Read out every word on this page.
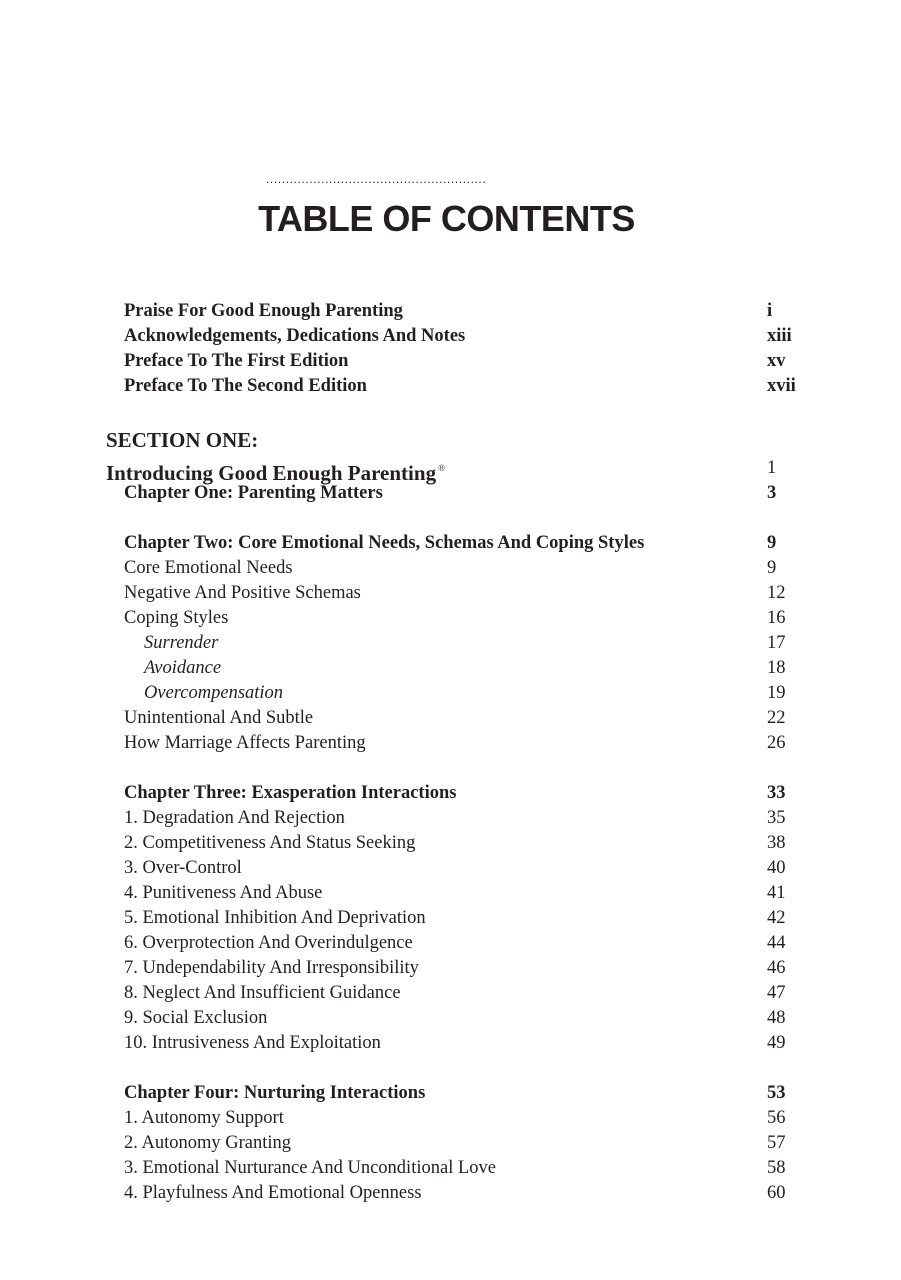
........................................................
TABLE OF CONTENTS
Praise For Good Enough Parenting	i
Acknowledgements, Dedications And Notes	xiii
Preface To The First Edition	xv
Preface To The Second Edition	xvii
SECTION ONE:
Introducing Good Enough Parenting ®	1
Chapter One: Parenting Matters	3
Chapter Two: Core Emotional Needs, Schemas And Coping Styles	9
Core Emotional Needs	9
Negative And Positive Schemas	12
Coping Styles	16
Surrender	17
Avoidance	18
Overcompensation	19
Unintentional And Subtle	22
How Marriage Affects Parenting	26
Chapter Three: Exasperation Interactions	33
1. Degradation And Rejection	35
2. Competitiveness And Status Seeking	38
3. Over-Control	40
4. Punitiveness And Abuse	41
5. Emotional Inhibition And Deprivation	42
6. Overprotection And Overindulgence	44
7. Undependability And Irresponsibility	46
8. Neglect And Insufficient Guidance	47
9. Social Exclusion	48
10. Intrusiveness And Exploitation	49
Chapter Four: Nurturing Interactions	53
1. Autonomy Support	56
2. Autonomy Granting	57
3. Emotional Nurturance And Unconditional Love	58
4. Playfulness And Emotional Openness	60
